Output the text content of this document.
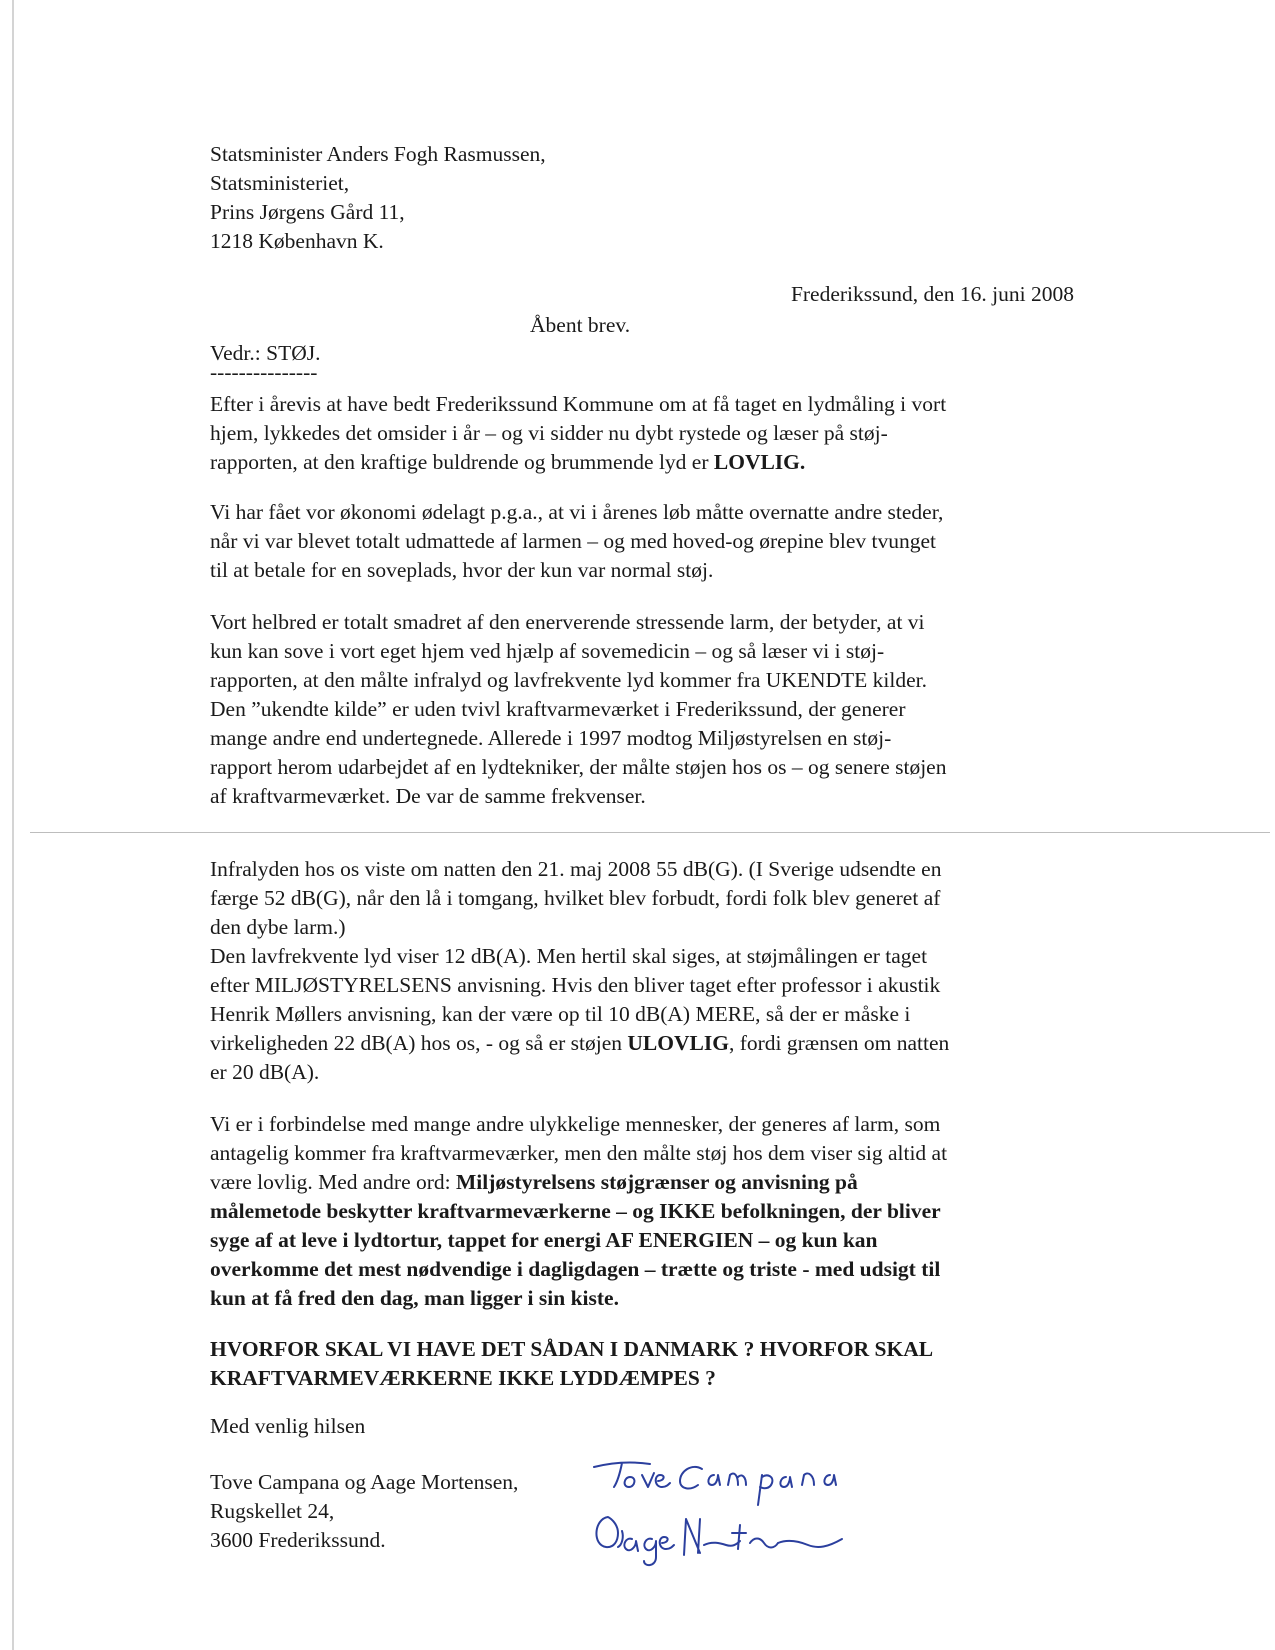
Statsminister Anders Fogh Rasmussen,
Statsministeriet,
Prins Jørgens Gård 11,
1218 København K.
Frederikssund, den 16. juni 2008
Åbent brev.
Vedr.: STØJ.
---------------
Efter i årevis at have bedt Frederikssund Kommune om at få taget en lydmåling i vort
hjem, lykkedes det omsider i år – og vi sidder nu dybt rystede og læser på støj-
rapporten, at den kraftige buldrende og brummende lyd er LOVLIG.
Vi har fået vor økonomi ødelagt p.g.a., at vi i årenes løb måtte overnatte andre steder,
når vi var blevet totalt udmattede af larmen – og med hoved-og ørepine blev tvunget
til at betale for en soveplads, hvor der kun var normal støj.
Vort helbred er totalt smadret af den enerverende stressende larm, der betyder, at vi
kun kan sove i vort eget hjem ved hjælp af sovemedicin – og så læser vi i støj-
rapporten, at den målte infralyd og lavfrekvente lyd kommer fra UKENDTE kilder.
Den ”ukendte kilde” er uden tvivl kraftvarmeværket i Frederikssund, der generer
mange andre end undertegnede. Allerede i 1997 modtog Miljøstyrelsen en støj-
rapport herom udarbejdet af en lydtekniker, der målte støjen hos os – og senere støjen
af kraftvarmeværket. De var de samme frekvenser.
Infralyden hos os viste om natten den 21. maj 2008 55 dB(G). (I Sverige udsendte en
færge 52 dB(G), når den lå i tomgang, hvilket blev forbudt, fordi folk blev generet af
den dybe larm.)
Den lavfrekvente lyd viser 12 dB(A). Men hertil skal siges, at støjmålingen er taget
efter MILJØSTYRELSENS anvisning. Hvis den bliver taget efter professor i akustik
Henrik Møllers anvisning, kan der være op til 10 dB(A) MERE, så der er måske i
virkeligheden 22 dB(A) hos os, - og så er støjen ULOVLIG, fordi grænsen om natten
er 20 dB(A).
Vi er i forbindelse med mange andre ulykkelige mennesker, der generes af larm, som
antagelig kommer fra kraftvarmeværker, men den målte støj hos dem viser sig altid at
være lovlig. Med andre ord: Miljøstyrelsens støjgrænser og anvisning på
målemetode beskytter kraftvarmeværkerne – og IKKE befolkningen, der bliver
syge af at leve i lydtortur, tappet for energi AF ENERGIEN – og kun kan
overkomme det mest nødvendige i dagligdagen – trætte og triste - med udsigt til
kun at få fred den dag, man ligger i sin kiste.
HVORFOR SKAL VI HAVE DET SÅDAN I DANMARK ? HVORFOR SKAL
KRAFTVARMEVÆRKERNE IKKE LYDDÆMPES ?
Med venlig hilsen
Tove Campana og Aage Mortensen,
Rugskellet 24,
3600 Frederikssund.
